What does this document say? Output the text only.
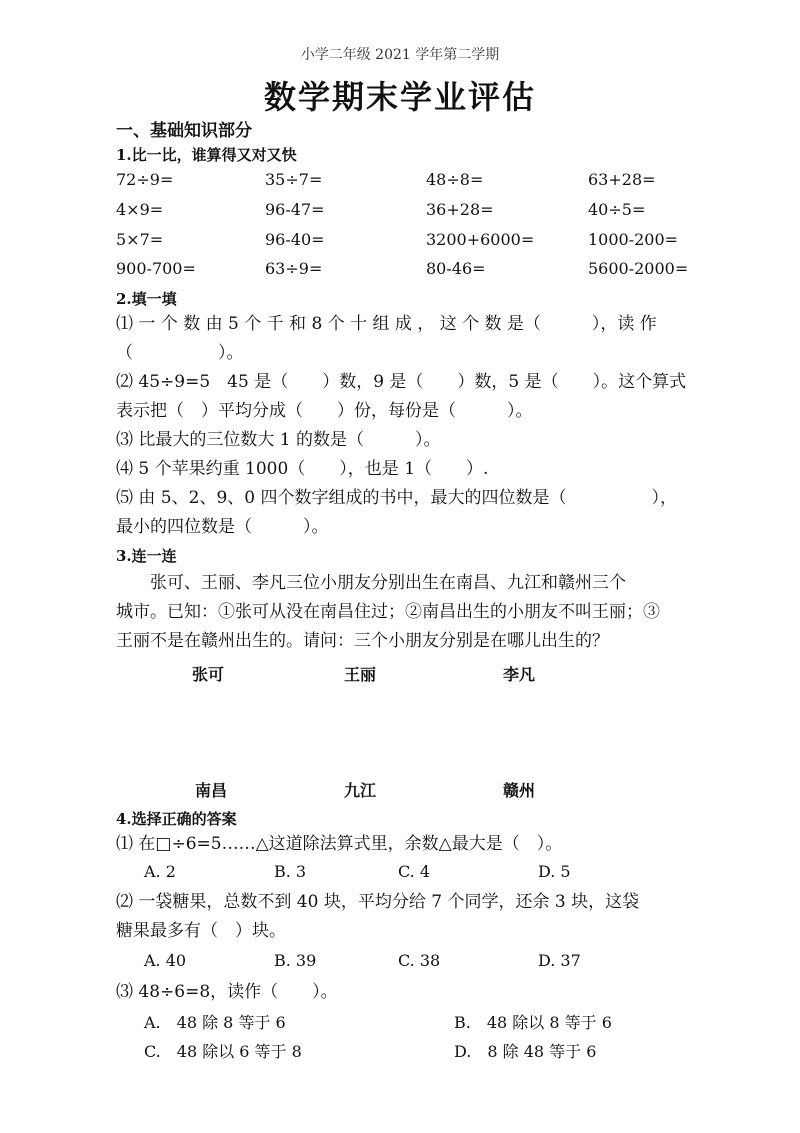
小学二年级 2021 学年第二学期
数学期末学业评估
一、基础知识部分
1.比一比，谁算得又对又快
72÷9=	35÷7=	48÷8=	63+28=
4×9=	96-47=	36+28=	40÷5=
5×7=	96-40=	3200+6000=	1000-200=
900-700=	63÷9=	80-46=	5600-2000=
2.填一填
⑴ 一 个 数 由 5 个 千 和 8 个 十 组 成 ， 这 个 数 是（　　　），读 作
（　　　　　）。
⑵ 45÷9=5　45 是（　　）数，9 是（　　）数，5 是（　　）。这个算式
表示把（　）平均分成（　　）份，每份是（　　　）。
⑶ 比最大的三位数大 1 的数是（　　　）。
⑷ 5 个苹果约重 1000（　　），也是 1（　　）.
⑸ 由 5、2、9、0 四个数字组成的书中，最大的四位数是（　　　　　），
最小的四位数是（　　　）。
3.连一连
　　张可、王丽、李凡三位小朋友分别出生在南昌、九江和赣州三个
城市。已知：①张可从没在南昌住过；②南昌出生的小朋友不叫王丽；③
王丽不是在赣州出生的。请问：三个小朋友分别是在哪儿出生的？
张可	王丽	李凡
南昌	九江	赣州
4.选择正确的答案
⑴ 在□÷6=5……△这道除法算式里，余数△最大是（　）。
A. 2	B. 3	C. 4	D. 5
⑵ 一袋糖果，总数不到 40 块，平均分给 7 个同学，还余 3 块，这袋
糖果最多有（　）块。
A. 40	B. 39	C. 38	D. 37
⑶ 48÷6=8，读作（　　）。
A.　48 除 8 等于 6	B.　48 除以 8 等于 6
C.　48 除以 6 等于 8	D.　8 除 48 等于 6
